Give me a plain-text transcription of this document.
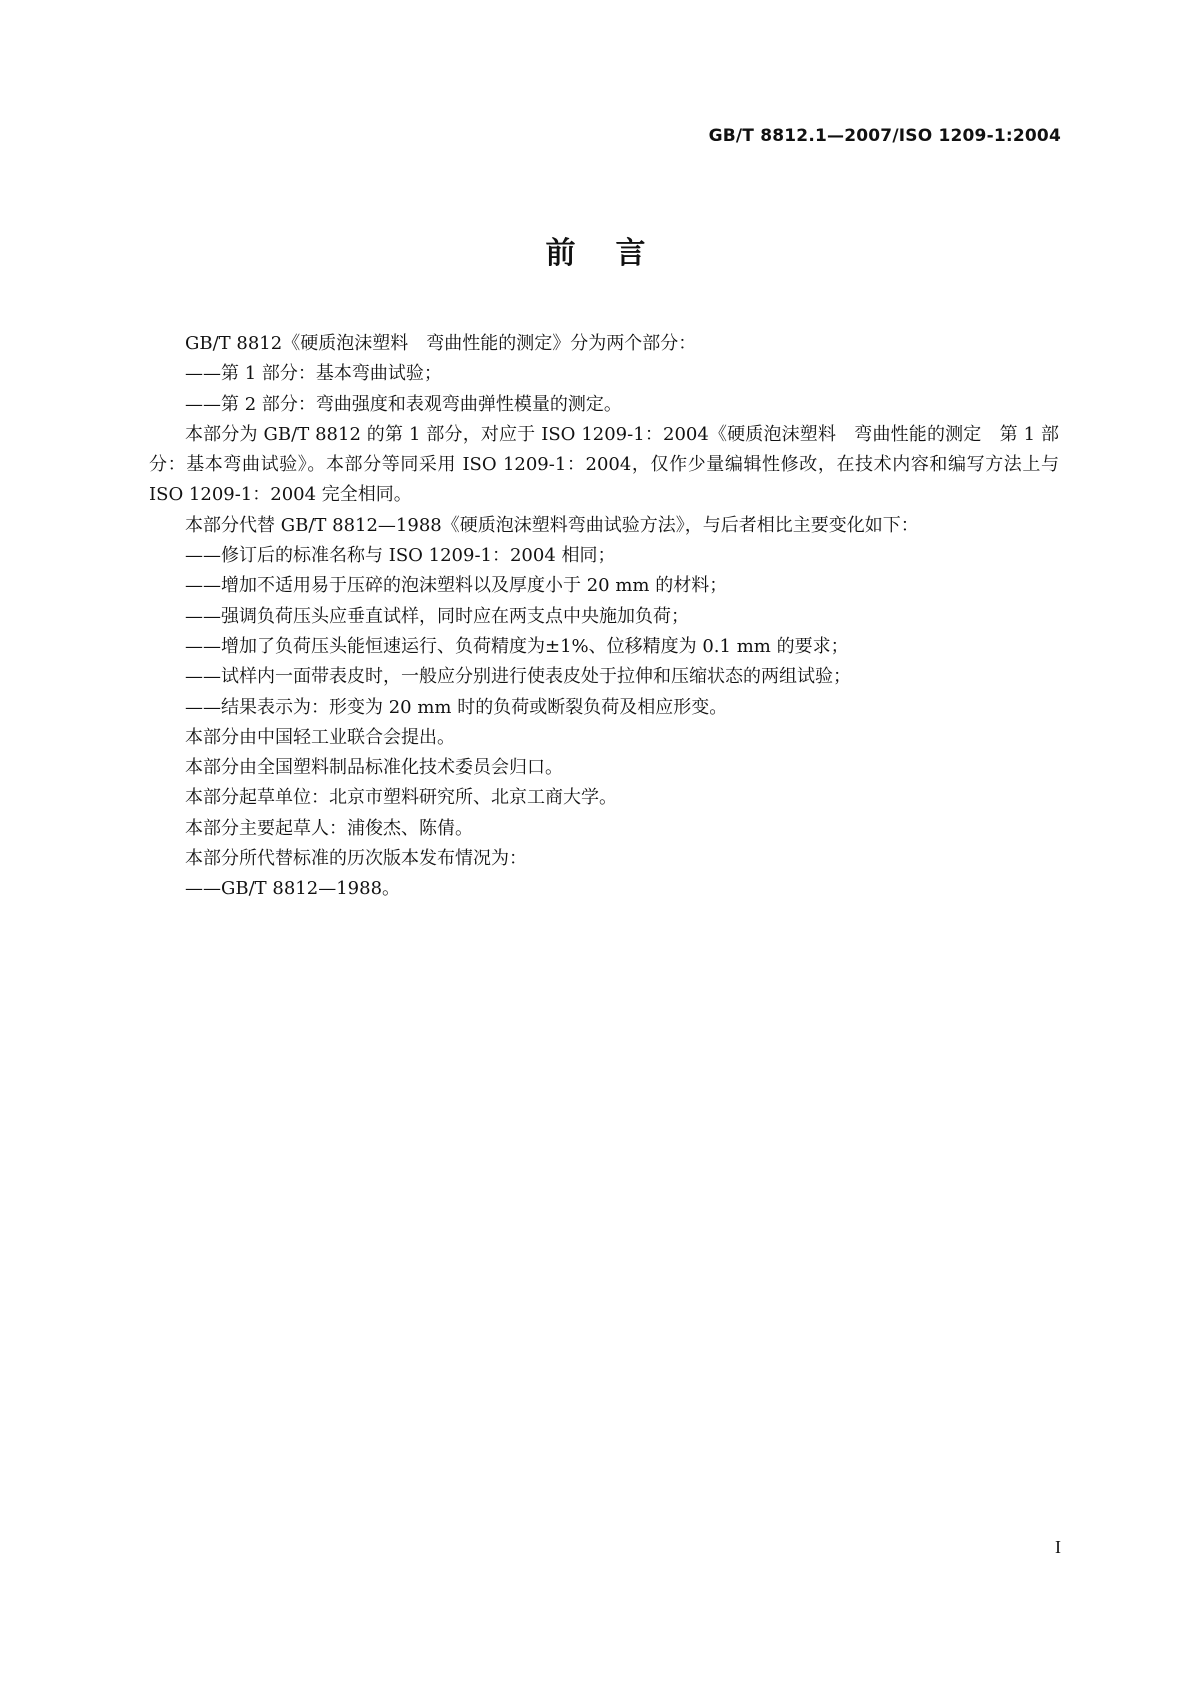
GB/T 8812.1—2007/ISO 1209-1:2004
前言

GB/T 8812《硬质泡沫塑料　弯曲性能的测定》分为两个部分：

——第 1 部分：基本弯曲试验；

——第 2 部分：弯曲强度和表观弯曲弹性模量的测定。

本部分为 GB/T 8812 的第 1 部分，对应于 ISO 1209-1：2004《硬质泡沫塑料　弯曲性能的测定　第 1 部分：基本弯曲试验》。本部分等同采用 ISO 1209-1：2004，仅作少量编辑性修改，在技术内容和编写方法上与 ISO 1209-1：2004 完全相同。

本部分代替 GB/T 8812—1988《硬质泡沫塑料弯曲试验方法》，与后者相比主要变化如下：

——修订后的标准名称与 ISO 1209-1：2004 相同；

——增加不适用易于压碎的泡沫塑料以及厚度小于 20 mm 的材料；

——强调负荷压头应垂直试样，同时应在两支点中央施加负荷；

——增加了负荷压头能恒速运行、负荷精度为±1%、位移精度为 0.1 mm 的要求；

——试样内一面带表皮时，一般应分别进行使表皮处于拉伸和压缩状态的两组试验；

——结果表示为：形变为 20 mm 时的负荷或断裂负荷及相应形变。

本部分由中国轻工业联合会提出。

本部分由全国塑料制品标准化技术委员会归口。

本部分起草单位：北京市塑料研究所、北京工商大学。

本部分主要起草人：浦俊杰、陈倩。

本部分所代替标准的历次版本发布情况为：

——GB/T 8812—1988。

I
